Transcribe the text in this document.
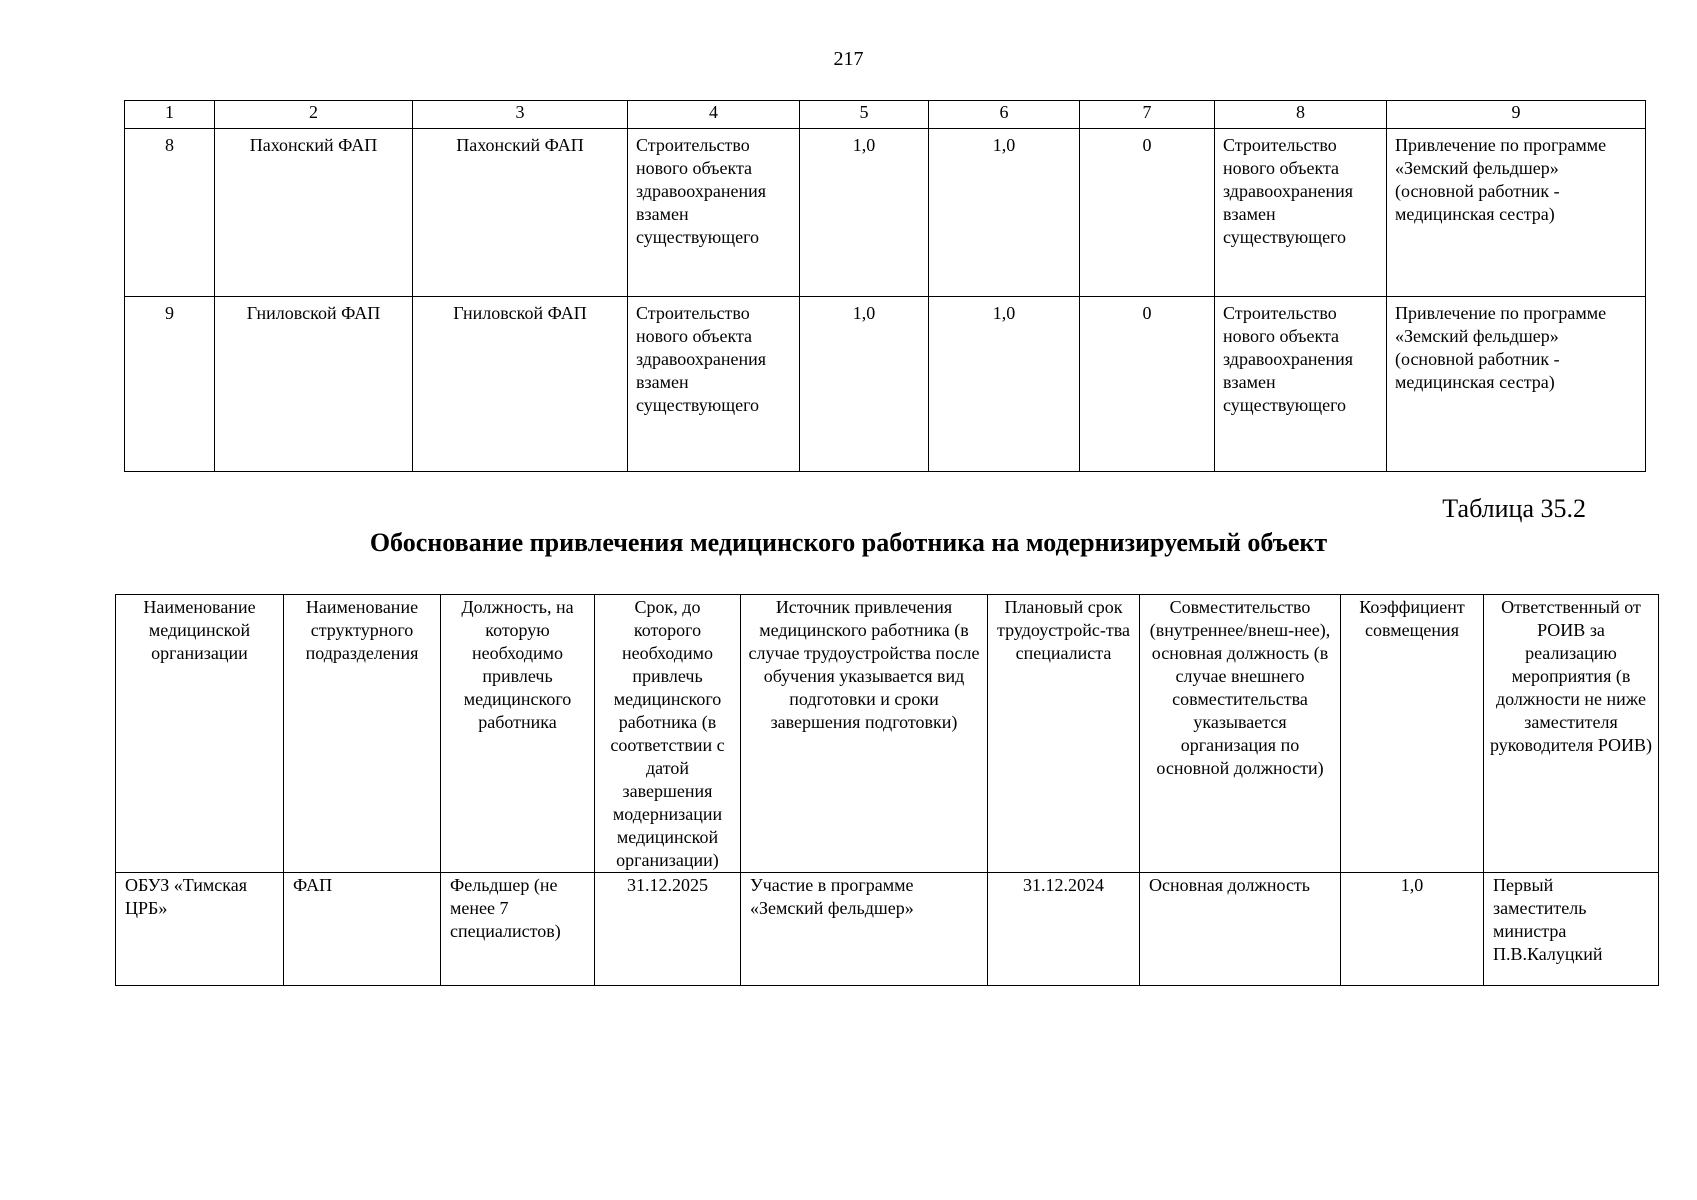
217
1	2	3	4	5	6	7	8	9
8	Пахонский ФАП	Пахонский ФАП	Строительство нового объекта здравоохранения взамен существующего	1,0	1,0	0	Строительство нового объекта здравоохранения взамен существующего	Привлечение по программе «Земский фельдшер» (основной работник - медицинская сестра)
9	Гниловской ФАП	Гниловской ФАП	Строительство нового объекта здравоохранения взамен существующего	1,0	1,0	0	Строительство нового объекта здравоохранения взамен существующего	Привлечение по программе «Земский фельдшер» (основной работник - медицинская сестра)
Таблица 35.2
Обоснование привлечения медицинского работника на модернизируемый объект
Наименование медицинской организации	Наименование структурного подразделения	Должность, на которую необходимо привлечь медицинского работника	Срок, до которого необходимо привлечь медицинского работника (в соответствии с датой завершения модернизации медицинской организации)	Источник привлечения медицинского работника (в случае трудоустройства после обучения указывается вид подготовки и сроки завершения подготовки)	Плановый срок трудоустройс-тва специалиста	Совместительство (внутреннее/внеш-нее), основная должность (в случае внешнего совместительства указывается организация по основной должности)	Коэффициент совмещения	Ответственный от РОИВ за реализацию мероприятия (в должности не ниже заместителя руководителя РОИВ)
ОБУЗ «Тимская ЦРБ»	ФАП	Фельдшер (не менее 7 специалистов)	31.12.2025	Участие в программе «Земский фельдшер»	31.12.2024	Основная должность	1,0	Первый заместитель министра П.В.Калуцкий
